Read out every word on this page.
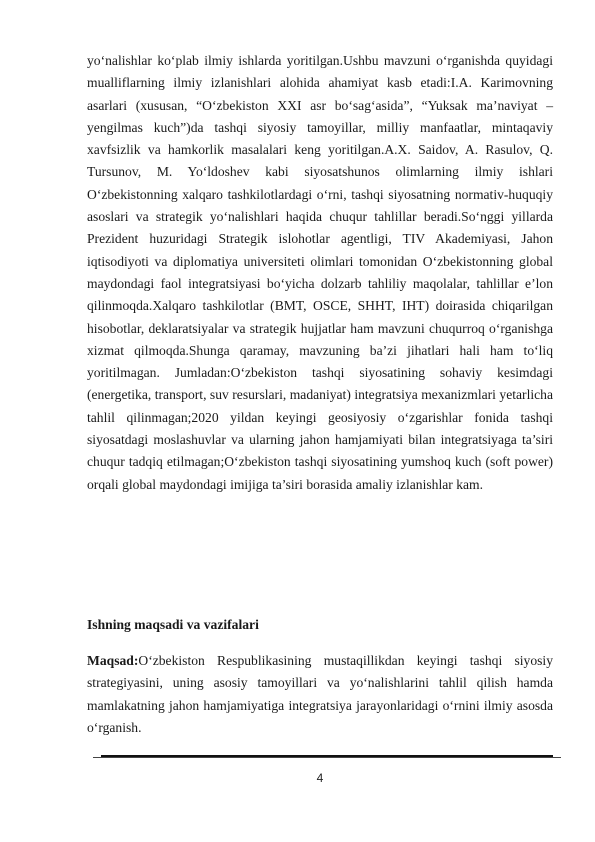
yo‘nalishlar ko‘plab ilmiy ishlarda yoritilgan.Ushbu mavzuni o‘rganishda quyidagi mualliflarning ilmiy izlanishlari alohida ahamiyat kasb etadi:I.A. Karimovning asarlari (xususan, “O‘zbekiston XXI asr bo‘sag‘asida”, “Yuksak ma’naviyat – yengilmas kuch”)da tashqi siyosiy tamoyillar, milliy manfaatlar, mintaqaviy xavfsizlik va hamkorlik masalalari keng yoritilgan.A.X. Saidov, A. Rasulov, Q. Tursunov, M. Yo‘ldoshev kabi siyosatshunos olimlarning ilmiy ishlari O‘zbekistonning xalqaro tashkilotlardagi o‘rni, tashqi siyosatning normativ-huquqiy asoslari va strategik yo‘nalishlari haqida chuqur tahlillar beradi.So‘nggi yillarda Prezident huzuridagi Strategik islohotlar agentligi, TIV Akademiyasi, Jahon iqtisodiyoti va diplomatiya universiteti olimlari tomonidan O‘zbekistonning global maydondagi faol integratsiyasi bo‘yicha dolzarb tahliliy maqolalar, tahlillar e’lon qilinmoqda.Xalqaro tashkilotlar (BMT, OSCE, SHHT, IHT) doirasida chiqarilgan hisobotlar, deklaratsiyalar va strategik hujjatlar ham mavzuni chuqurroq o‘rganishga xizmat qilmoqda.Shunga qaramay, mavzuning ba’zi jihatlari hali ham to‘liq yoritilmagan. Jumladan:O‘zbekiston tashqi siyosatining sohaviy kesimdagi (energetika, transport, suv resurslari, madaniyat) integratsiya mexanizmlari yetarlicha tahlil qilinmagan;2020 yildan keyingi geosiyosiy o‘zgarishlar fonida tashqi siyosatdagi moslashuvlar va ularning jahon hamjamiyati bilan integratsiyaga ta’siri chuqur tadqiq etilmagan;O‘zbekiston tashqi siyosatining yumshoq kuch (soft power) orqali global maydondagi imijiga ta’siri borasida amaliy izlanishlar kam.

Ishning maqsadi va vazifalari

Maqsad:O‘zbekiston Respublikasining mustaqillikdan keyingi tashqi siyosiy strategiyasini, uning asosiy tamoyillari va yo‘nalishlarini tahlil qilish hamda mamlakatning jahon hamjamiyatiga integratsiya jarayonlaridagi o‘rnini ilmiy asosda o‘rganish.

4
